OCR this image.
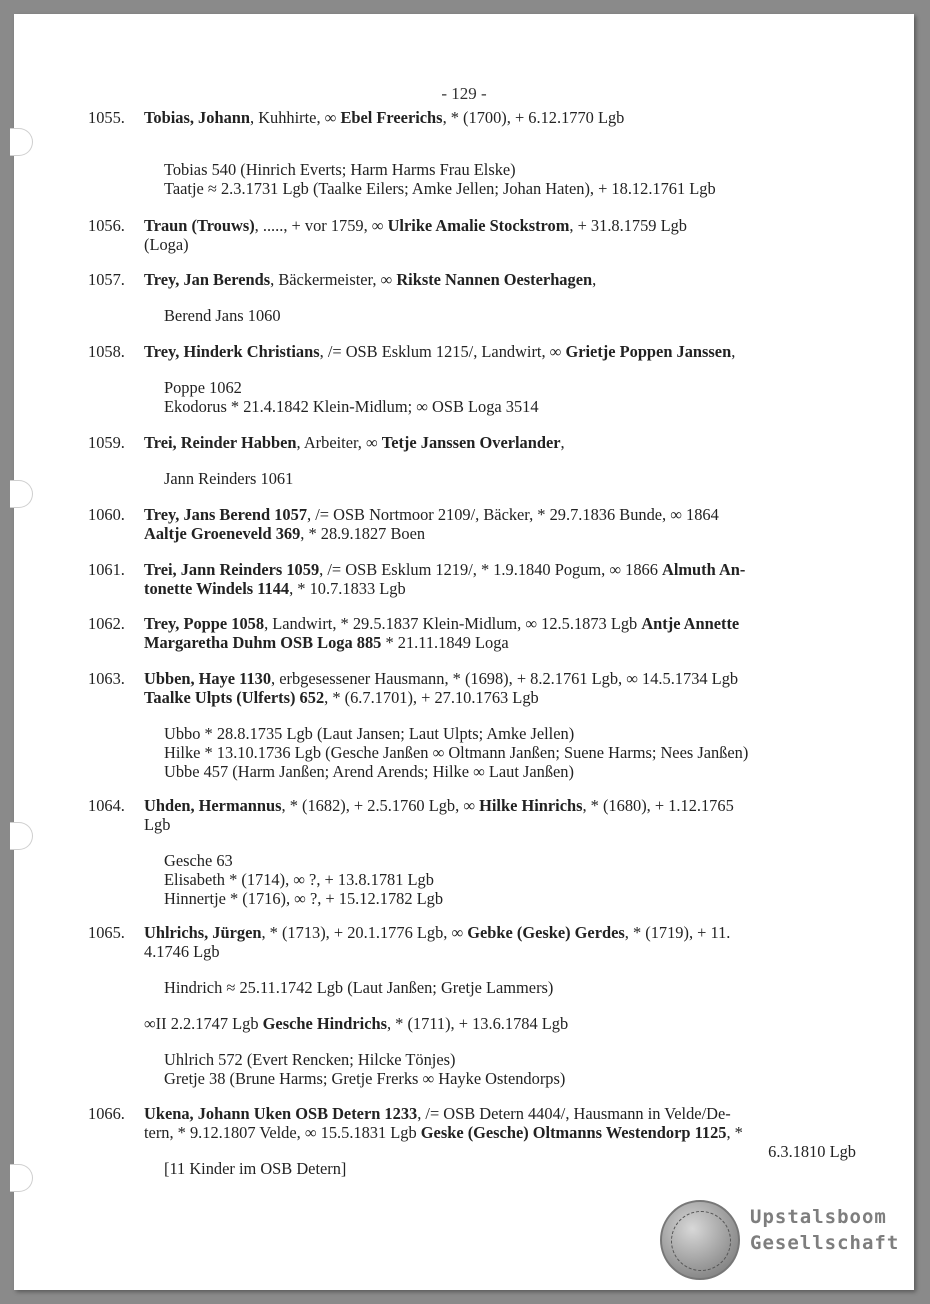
- 129 -
1055. Tobias, Johann, Kuhhirte, ∞ Ebel Freerichs, * (1700), + 6.12.1770 Lgb
Tobias 540 (Hinrich Everts; Harm Harms Frau Elske)
Taatje ≈ 2.3.1731 Lgb (Taalke Eilers; Amke Jellen; Johan Haten), + 18.12.1761 Lgb
1056. Traun (Trouws), ....., + vor 1759, ∞ Ulrike Amalie Stockstrom, + 31.8.1759 Lgb
(Loga)
1057. Trey, Jan Berends, Bäckermeister, ∞ Rikste Nannen Oesterhagen,
Berend Jans 1060
1058. Trey, Hinderk Christians, /= OSB Esklum 1215/, Landwirt, ∞ Grietje Poppen Janssen,
Poppe 1062
Ekodorus * 21.4.1842 Klein-Midlum; ∞ OSB Loga 3514
1059. Trei, Reinder Habben, Arbeiter, ∞ Tetje Janssen Overlander,
Jann Reinders 1061
1060. Trey, Jans Berend 1057, /= OSB Nortmoor 2109/, Bäcker, * 29.7.1836 Bunde, ∞ 1864
Aaltje Groeneveld 369, * 28.9.1827 Boen
1061. Trei, Jann Reinders 1059, /= OSB Esklum 1219/, * 1.9.1840 Pogum, ∞ 1866 Almuth An-
tonette Windels 1144, * 10.7.1833 Lgb
1062. Trey, Poppe 1058, Landwirt, * 29.5.1837 Klein-Midlum, ∞ 12.5.1873 Lgb Antje Annette
Margaretha Duhm OSB Loga 885 * 21.11.1849 Loga
1063. Ubben, Haye 1130, erbgesessener Hausmann, * (1698), + 8.2.1761 Lgb, ∞ 14.5.1734 Lgb
Taalke Ulpts (Ulferts) 652, * (6.7.1701), + 27.10.1763 Lgb
Ubbo * 28.8.1735 Lgb (Laut Jansen; Laut Ulpts; Amke Jellen)
Hilke * 13.10.1736 Lgb (Gesche Janßen ∞ Oltmann Janßen; Suene Harms; Nees Janßen)
Ubbe 457 (Harm Janßen; Arend Arends; Hilke ∞ Laut Janßen)
1064. Uhden, Hermannus, * (1682), + 2.5.1760 Lgb, ∞ Hilke Hinrichs, * (1680), + 1.12.1765
Lgb
Gesche 63
Elisabeth * (1714), ∞ ?, + 13.8.1781 Lgb
Hinnertje * (1716), ∞ ?, + 15.12.1782 Lgb
1065. Uhlrichs, Jürgen, * (1713), + 20.1.1776 Lgb, ∞ Gebke (Geske) Gerdes, * (1719), + 11.
4.1746 Lgb
Hindrich ≈ 25.11.1742 Lgb (Laut Janßen; Gretje Lammers)
∞II 2.2.1747 Lgb Gesche Hindrichs, * (1711), + 13.6.1784 Lgb
Uhlrich 572 (Evert Rencken; Hilcke Tönjes)
Gretje 38 (Brune Harms; Gretje Frerks ∞ Hayke Ostendorps)
1066. Ukena, Johann Uken OSB Detern 1233, /= OSB Detern 4404/, Hausmann in Velde/De-
tern, * 9.12.1807 Velde, ∞ 15.5.1831 Lgb Geske (Gesche) Oltmanns Westendorp 1125, *
6.3.1810 Lgb
[11 Kinder im OSB Detern]
Upstalsboom
Gesellschaft
